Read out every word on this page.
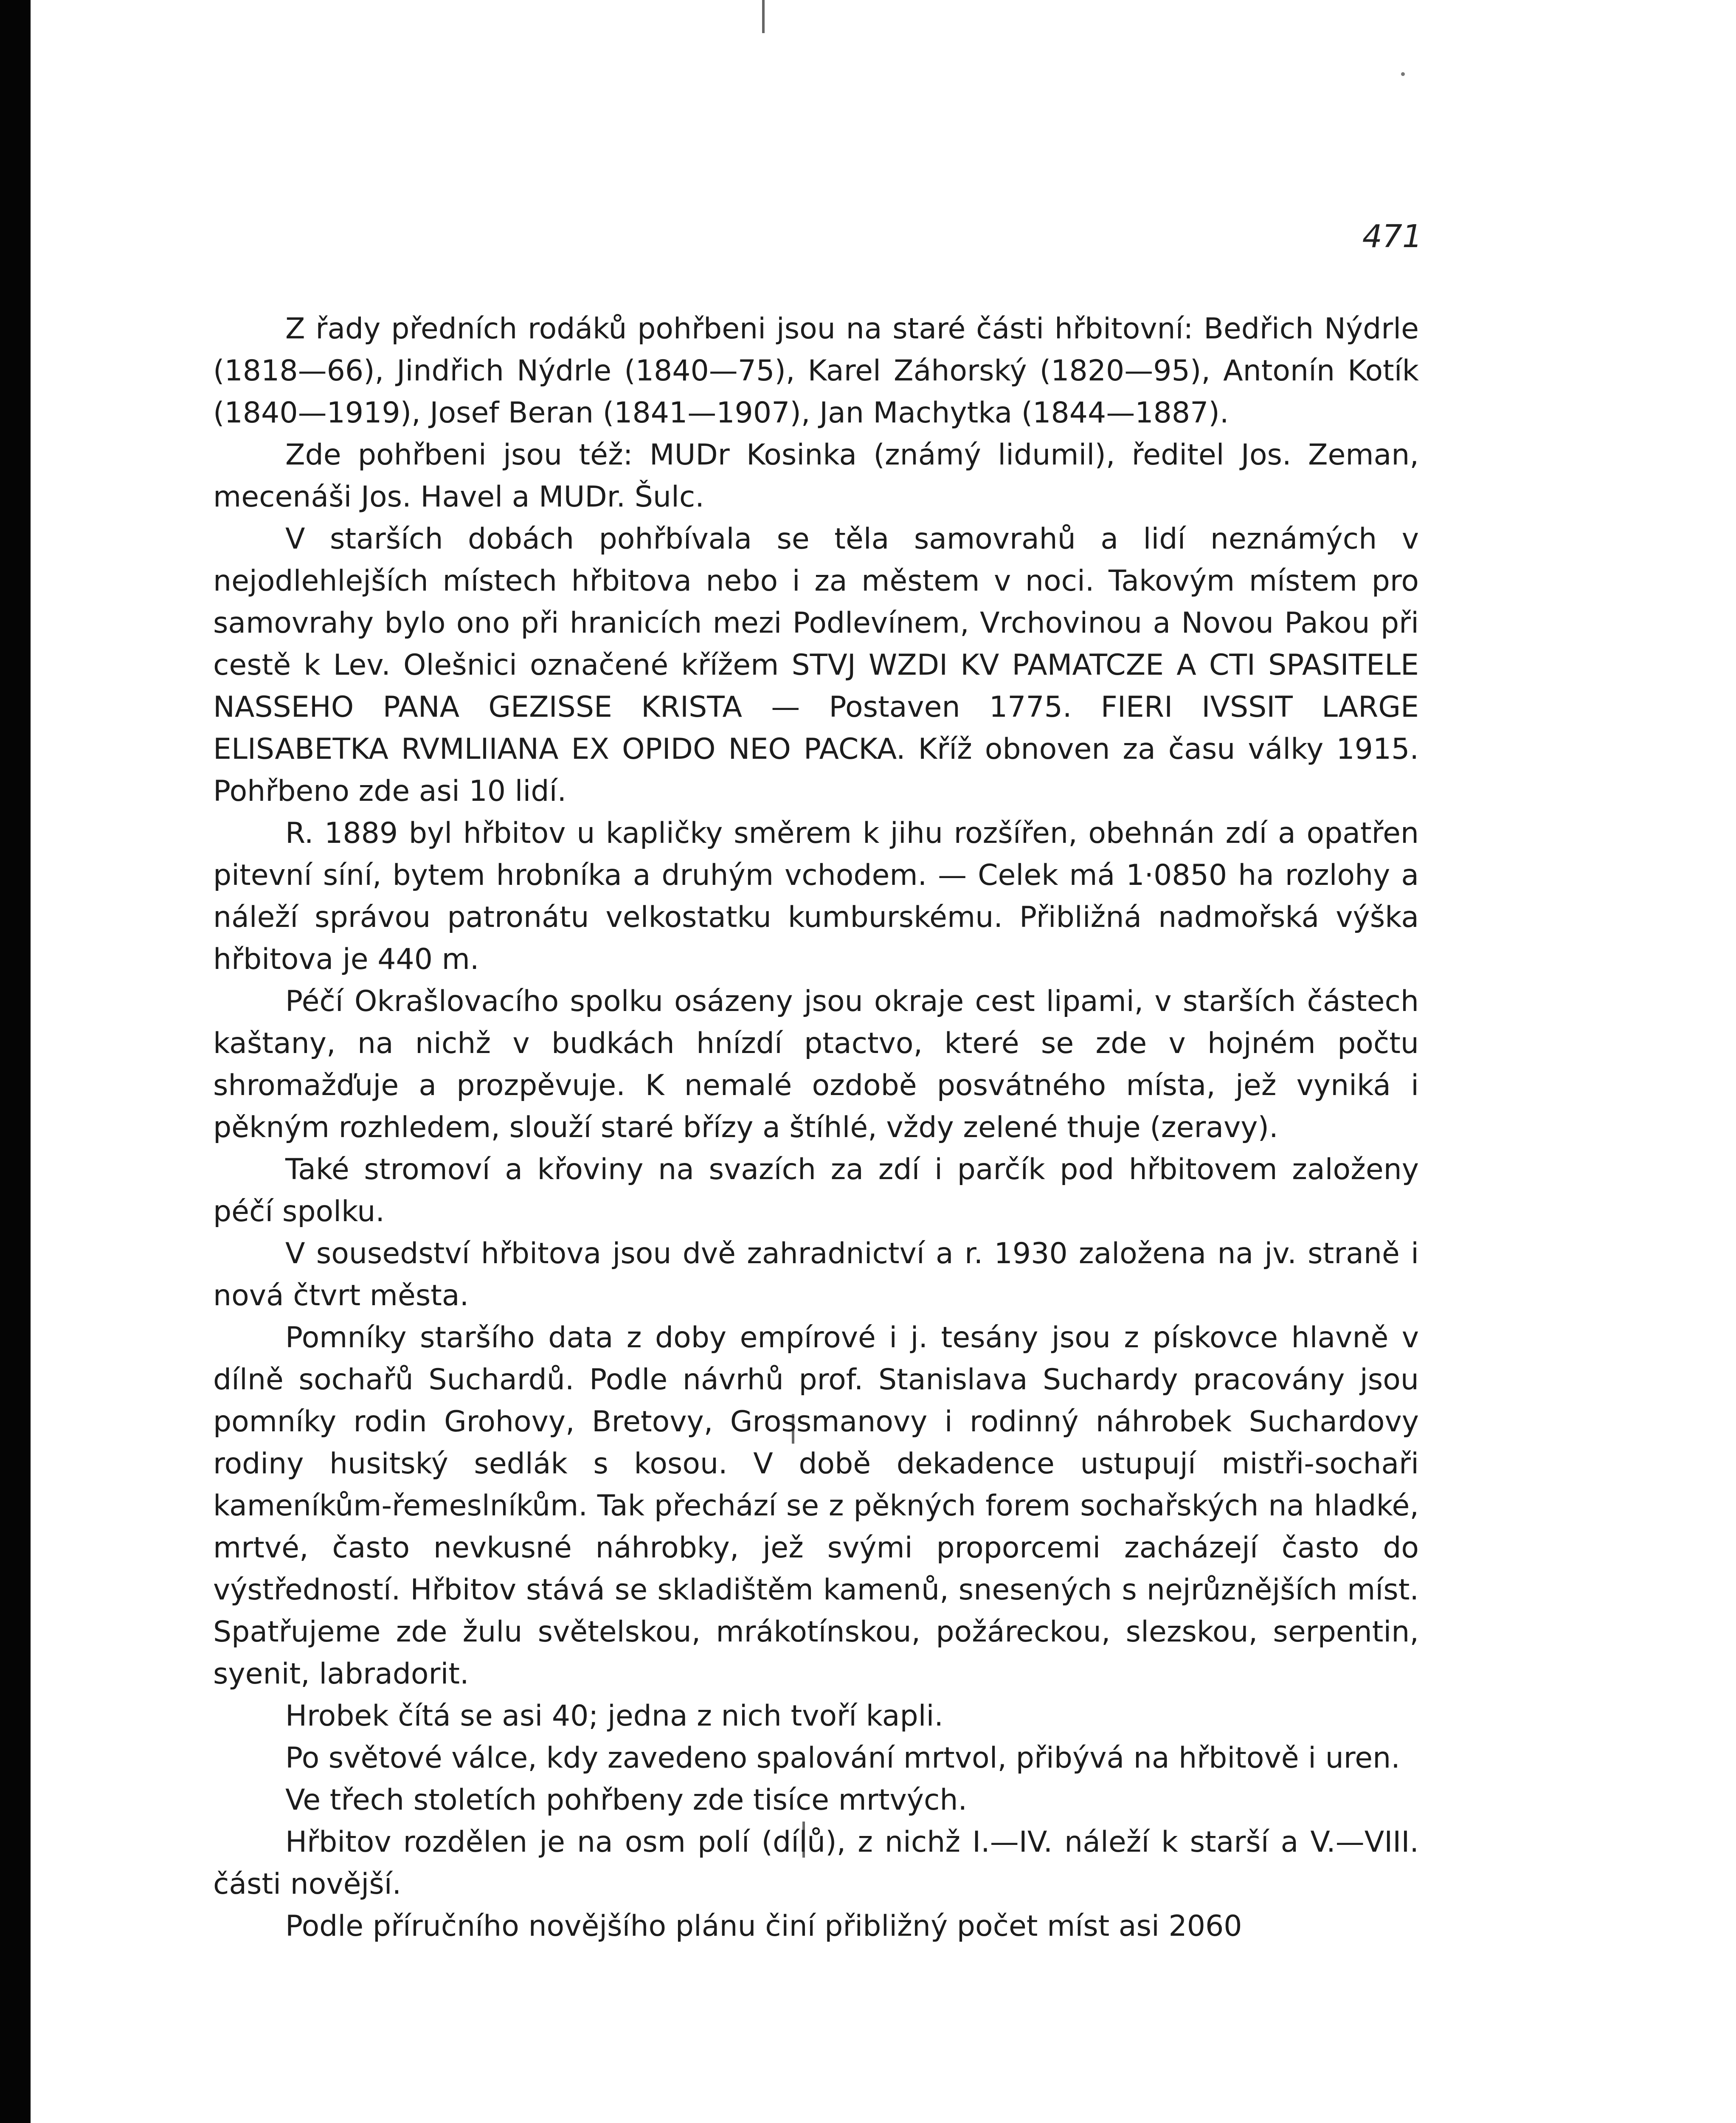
471

Z řady předních rodáků pohřbeni jsou na staré části hřbitovní: Bedřich Nýdrle (1818—66), Jindřich Nýdrle (1840—75), Karel Záhorský (1820—95), Antonín Kotík (1840—1919), Josef Beran (1841—1907), Jan Machytka (1844—1887).

Zde pohřbeni jsou též: MUDr Kosinka (známý lidumil), ředitel Jos. Zeman, mecenáši Jos. Havel a MUDr. Šulc.

V starších dobách pohřbívala se těla samovrahů a lidí neznámých v nejodlehlejších místech hřbitova nebo i za městem v noci. Takovým místem pro samovrahy bylo ono při hranicích mezi Podlevínem, Vrchovinou a Novou Pakou při cestě k Lev. Olešnici označené křížem STVJ WZDI KV PAMATCZE A CTI SPASITELE NASSEHO PANA GEZISSE KRISTA — Postaven 1775. FIERI IVSSIT LARGE ELISABETKA RVMLIIANA EX OPIDO NEO PACKA. Kříž obnoven za času války 1915. Pohřbeno zde asi 10 lidí.

R. 1889 byl hřbitov u kapličky směrem k jihu rozšířen, obehnán zdí a opatřen pitevní síní, bytem hrobníka a druhým vchodem. — Celek má 1·0850 ha rozlohy a náleží správou patronátu velkostatku kumburskému. Přibližná nadmořská výška hřbitova je 440 m.

Péčí Okrašlovacího spolku osázeny jsou okraje cest lipami, v starších částech kaštany, na nichž v budkách hnízdí ptactvo, které se zde v hojném počtu shromažďuje a prozpěvuje. K nemalé ozdobě posvátného místa, jež vyniká i pěkným rozhledem, slouží staré břízy a štíhlé, vždy zelené thuje (zeravy).

Také stromoví a křoviny na svazích za zdí i parčík pod hřbitovem založeny péčí spolku.

V sousedství hřbitova jsou dvě zahradnictví a r. 1930 založena na jv. straně i nová čtvrt města.

Pomníky staršího data z doby empírové i j. tesány jsou z pískovce hlavně v dílně sochařů Suchardů. Podle návrhů prof. Stanislava Suchardy pracovány jsou pomníky rodin Grohovy, Bretovy, Grossmanovy i rodinný náhrobek Suchardovy rodiny husitský sedlák s kosou. V době dekadence ustupují mistři-sochaři kameníkům-řemeslníkům. Tak přechází se z pěkných forem sochařských na hladké, mrtvé, často nevkusné náhrobky, jež svými proporcemi zacházejí často do výstředností. Hřbitov stává se skladištěm kamenů, snesených s nejrůznějších míst. Spatřujeme zde žulu světelskou, mrákotínskou, požáreckou, slezskou, serpentin, syenit, labradorit.

Hrobek čítá se asi 40; jedna z nich tvoří kapli.

Po světové válce, kdy zavedeno spalování mrtvol, přibývá na hřbitově i uren.

Ve třech stoletích pohřbeny zde tisíce mrtvých.

Hřbitov rozdělen je na osm polí (dílů), z nichž I.—IV. náleží k starší a V.—VIII. části novější.

Podle příručního novějšího plánu činí přibližný počet míst asi 2060
